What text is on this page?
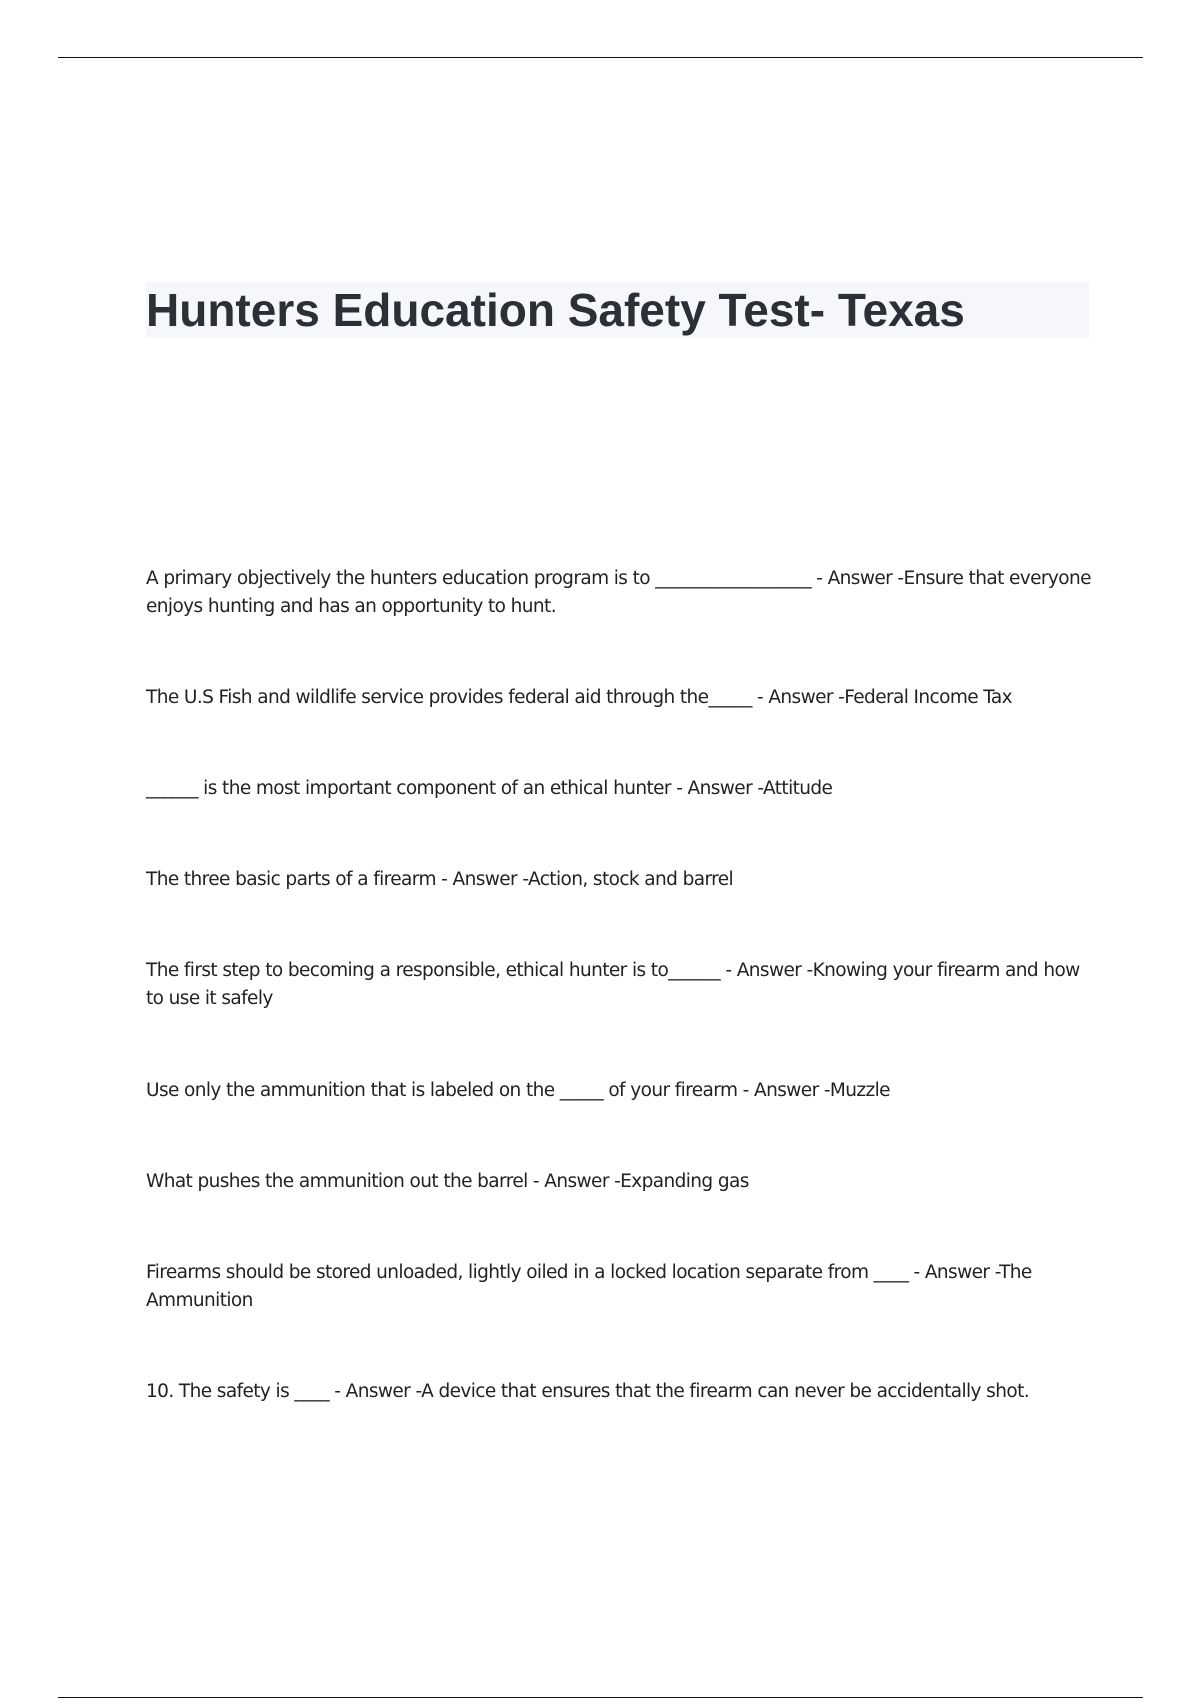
Hunters Education Safety Test- Texas
A primary objectively the hunters education program is to __________________ - Answer -Ensure that everyone enjoys hunting and has an opportunity to hunt.
The U.S Fish and wildlife service provides federal aid through the_____ - Answer -Federal Income Tax
______ is the most important component of an ethical hunter - Answer -Attitude
The three basic parts of a firearm - Answer -Action, stock and barrel
The first step to becoming a responsible, ethical hunter is to______ - Answer -Knowing your firearm and how to use it safely
Use only the ammunition that is labeled on the _____ of your firearm - Answer -Muzzle
What pushes the ammunition out the barrel - Answer -Expanding gas
Firearms should be stored unloaded, lightly oiled in a locked location separate from ____ - Answer -The Ammunition
10. The safety is ____ - Answer -A device that ensures that the firearm can never be accidentally shot.
